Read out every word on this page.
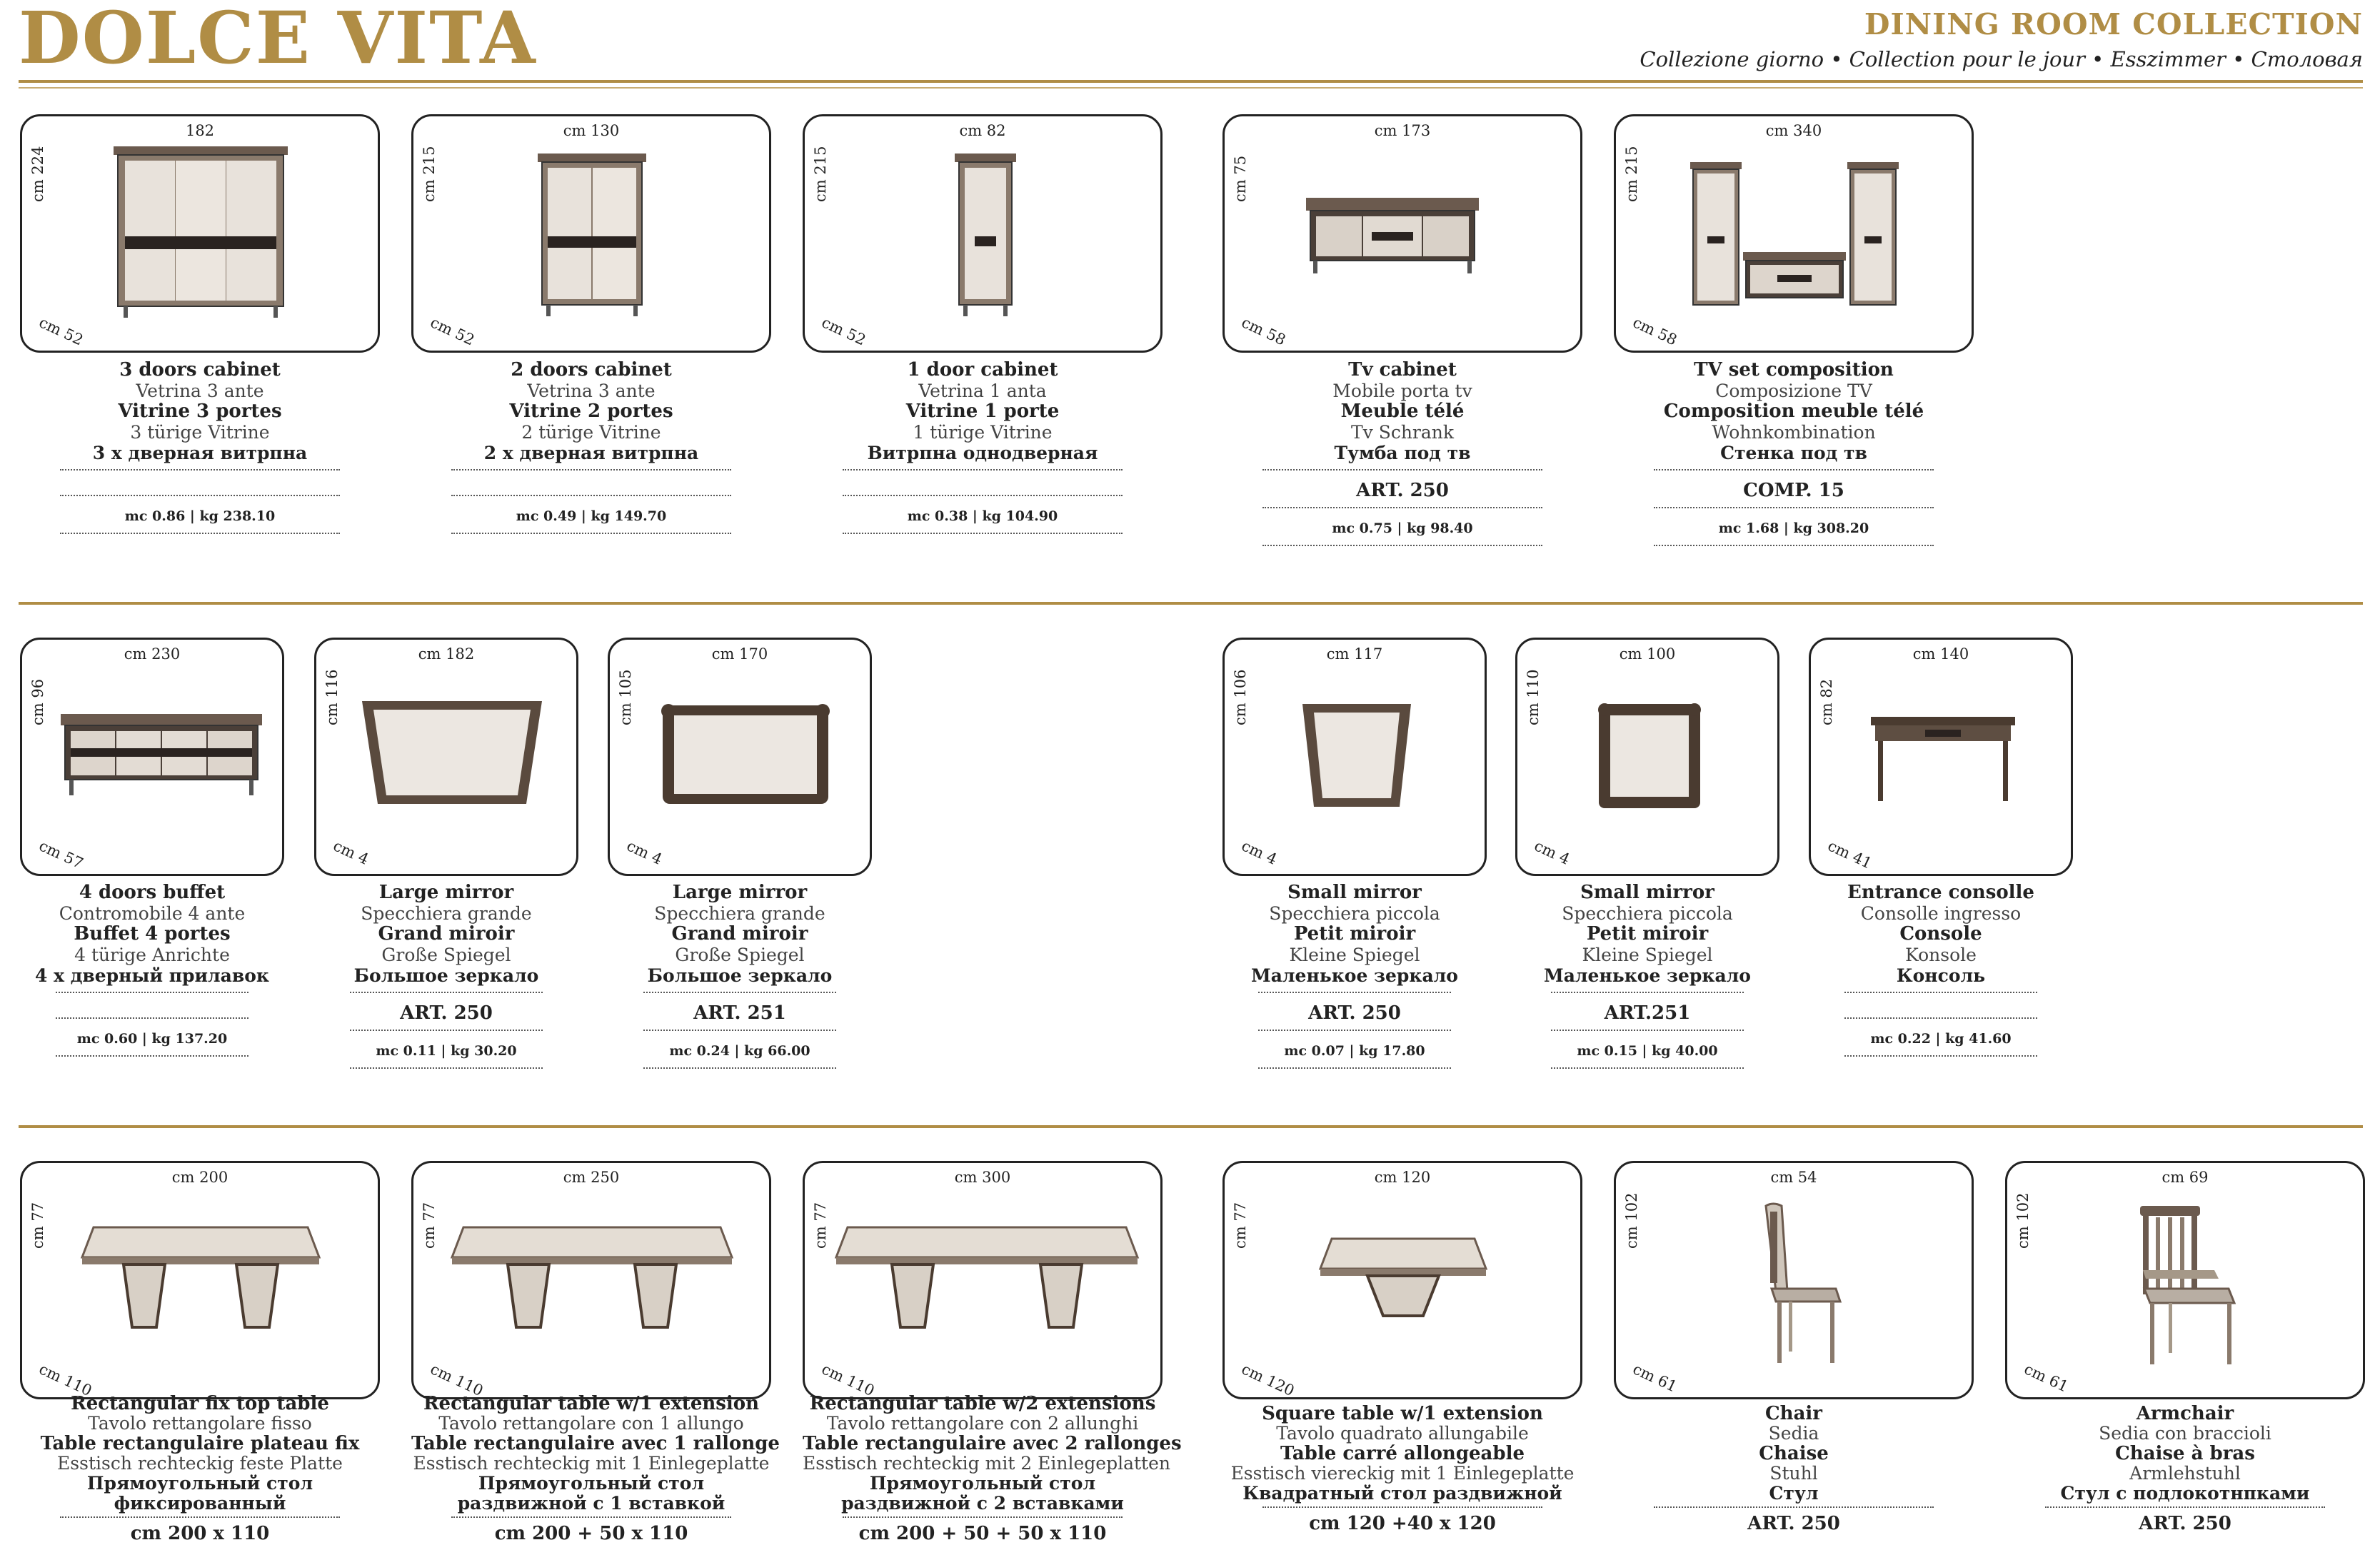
DOLCE VITA	DINING ROOM COLLECTION
Collezione giorno • Collection pour le jour • Esszimmer • Столовая
182
cm 224
cm 52
3 doors cabinet
Vetrina 3 ante
Vitrine 3 portes
3 türige Vitrine
3 х дверная витрпна
mc 0.86 | kg 238.10
cm 130
cm 215
cm 52
2 doors cabinet
Vetrina 3 ante
Vitrine 2 portes
2 türige Vitrine
2 х дверная витрпна
mc 0.49 | kg 149.70
cm 82
cm 215
cm 52
1 door cabinet
Vetrina 1 anta
Vitrine 1 porte
1 türige Vitrine
Витрпна однодверная
mc 0.38 | kg 104.90
cm 173
cm 75
cm 58
Tv cabinet
Mobile porta tv
Meuble télé
Tv Schrank
Тумба под тв
ART. 250
mc 0.75 | kg 98.40
cm 340
cm 215
cm 58
TV set composition
Composizione TV
Composition meuble télé
Wohnkombination
Стенка под тв
COMP. 15
mc 1.68 | kg 308.20
cm 230
cm 96
cm 57
4 doors buffet
Contromobile 4 ante
Buffet 4 portes
4 türige Anrichte
4 х дверный прилавок
mc 0.60 | kg 137.20
cm 182
cm 116
cm 4
Large mirror
Specchiera grande
Grand miroir
Große Spiegel
Большое зеркало
ART. 250
mc 0.11 | kg 30.20
cm 170
cm 105
cm 4
Large mirror
Specchiera grande
Grand miroir
Große Spiegel
Большое зеркало
ART. 251
mc 0.24 | kg 66.00
cm 117
cm 106
cm 4
Small mirror
Specchiera piccola
Petit miroir
Kleine Spiegel
Маленькое зеркало
ART. 250
mc 0.07 | kg 17.80
cm 100
cm 110
cm 4
Small mirror
Specchiera piccola
Petit miroir
Kleine Spiegel
Маленькое зеркало
ART.251
mc 0.15 | kg 40.00
cm 140
cm 82
cm 41
Entrance consolle
Consolle ingresso
Console
Konsole
Консоль
mc 0.22 | kg 41.60
cm 200
cm 77
cm 110
Rectangular fix top table
Tavolo rettangolare fisso
Table rectangulaire plateau fix
Esstisch rechteckig feste Platte
Прямоугольный стол фиксированный
cm 200 x 110
cm 250
cm 77
cm 110
Rectangular table w/1 extension
Tavolo rettangolare con 1 allungo
Table rectangulaire avec 1 rallonge
Esstisch rechteckig mit 1 Einlegeplatte
Прямоугольный стол раздвижной с 1 вставкой
cm 200 + 50 x 110
cm 300
cm 77
cm 110
Rectangular table w/2 extensions
Tavolo rettangolare con 2 allunghi
Table rectangulaire avec 2 rallonges
Esstisch rechteckig mit 2 Einlegeplatten
Прямоугольный стол раздвижной с 2 вставками
cm 200 + 50 + 50 x 110
cm 120
cm 77
cm 120
Square table w/1 extension
Tavolo quadrato allungabile
Table carré allongeable
Esstisch viereckig mit 1 Einlegeplatte
Квадратный стол раздвижной
cm 120 +40 x 120
cm 54
cm 102
cm 61
Chair
Sedia
Chaise
Stuhl
Стул
ART. 250
cm 69
cm 102
cm 61
Armchair
Sedia con braccioli
Chaise à bras
Armlehstuhl
Стул с подлокотнпками
ART. 250
